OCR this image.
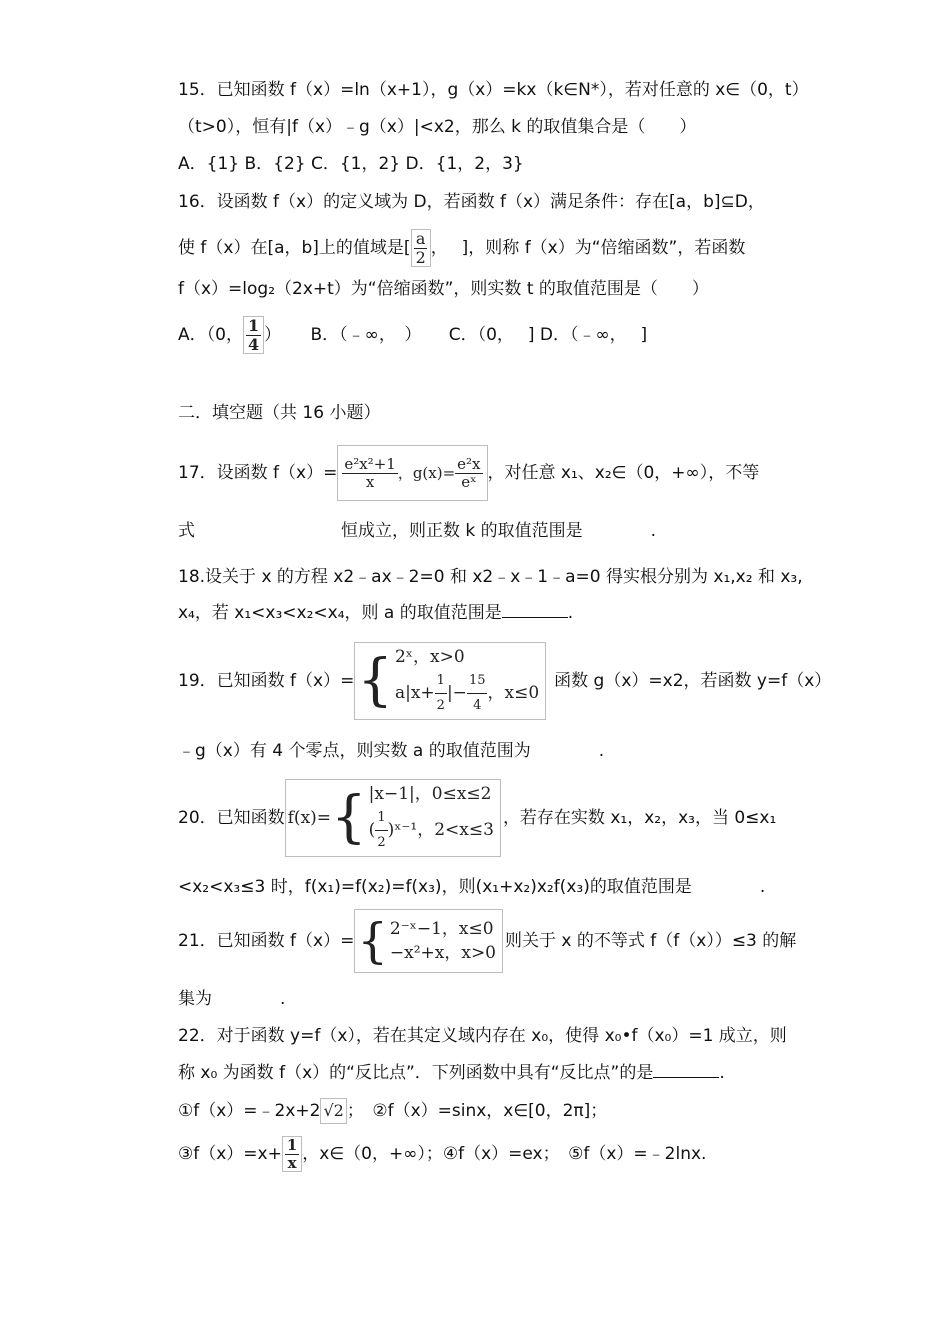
15．已知函数 f（x）=ln（x+1），g（x）=kx（k∈N*），若对任意的 x∈（0，t）
（t>0），恒有|f（x）﹣g（x）|<x2，那么 k 的取值集合是（　　）
A．{1} B．{2} C．{1，2} D．{1，2，3}
16．设函数 f（x）的定义域为 D，若函数 f（x）满足条件：存在[a，b]⊆D，
使 f（x）在[a，b]上的值域是[ $\frac{a}{2}$ ，　 ]，则称 f（x）为“倍缩函数”，若函数
f（x）=log₂（2x+t）为“倍缩函数”，则实数 t 的取值范围是（　　）
A．（0， $\frac{1}{4}$ ） B．（﹣∞，　） C．（0，　 ] D．（﹣∞，　 ]
二．填空题（共 16 小题）
17．设函数 $f(x)= \frac{\text{e²x²+1}}{x}$ ，$g(x)= \frac{\text{e²x}}{\text{eˣ}}$ ，对任意 x₁、x₂∈（0，+∞），不等
式	恒成立，则正数 k 的取值范围是　　　　.
18.设关于 x 的方程 x2﹣ax﹣2=0 和 x2﹣x﹣1﹣a=0 得实根分别为 x₁,x₂ 和 x₃,
x₄，若 x₁<x₃<x₂<x₄，则 a 的取值范围是	.
19．已知函数 f（x）= { 2ˣ，x>0
$a|x+ \frac{1}{2}$ |− $\frac{15}{4}$ ，x≤0
函数 g（x）=x2，若函数 y=f（x）
﹣g（x）有 4 个零点，则实数 a 的取值范围为　　　　.
20．已知函数 f(x)= { |x−1|，0≤x≤2
( $\frac{1}{2}$ )ˣ⁻¹，2<x≤3
，若存在实数 x₁，x₂，x₃，当 0≤x₁
<x₂<x₃≤3 时，f(x₁)=f(x₂)=f(x₃)，则(x₁+x₂)x₂f(x₃)的取值范围是　　　　.
21．已知函数 f（x）= { 2⁻ˣ−1，x≤0
−x²+x，x>0
则关于 x 的不等式 f（f（x））≤3 的解
集为　　　　.
22．对于函数 y=f（x），若在其定义域内存在 x₀，使得 x₀•f（x₀）=1 成立，则
称 x₀ 为函数 f（x）的“反比点”．下列函数中具有“反比点”的是	.
①f（x）=﹣2x+2 √2 ；　②f（x）=sinx，x∈[0，2π]；
③f（x）=x+ $\frac{1}{x}$ ，x∈（0，+∞）；④f（x）=ex；　⑤f（x）=﹣2lnx.
